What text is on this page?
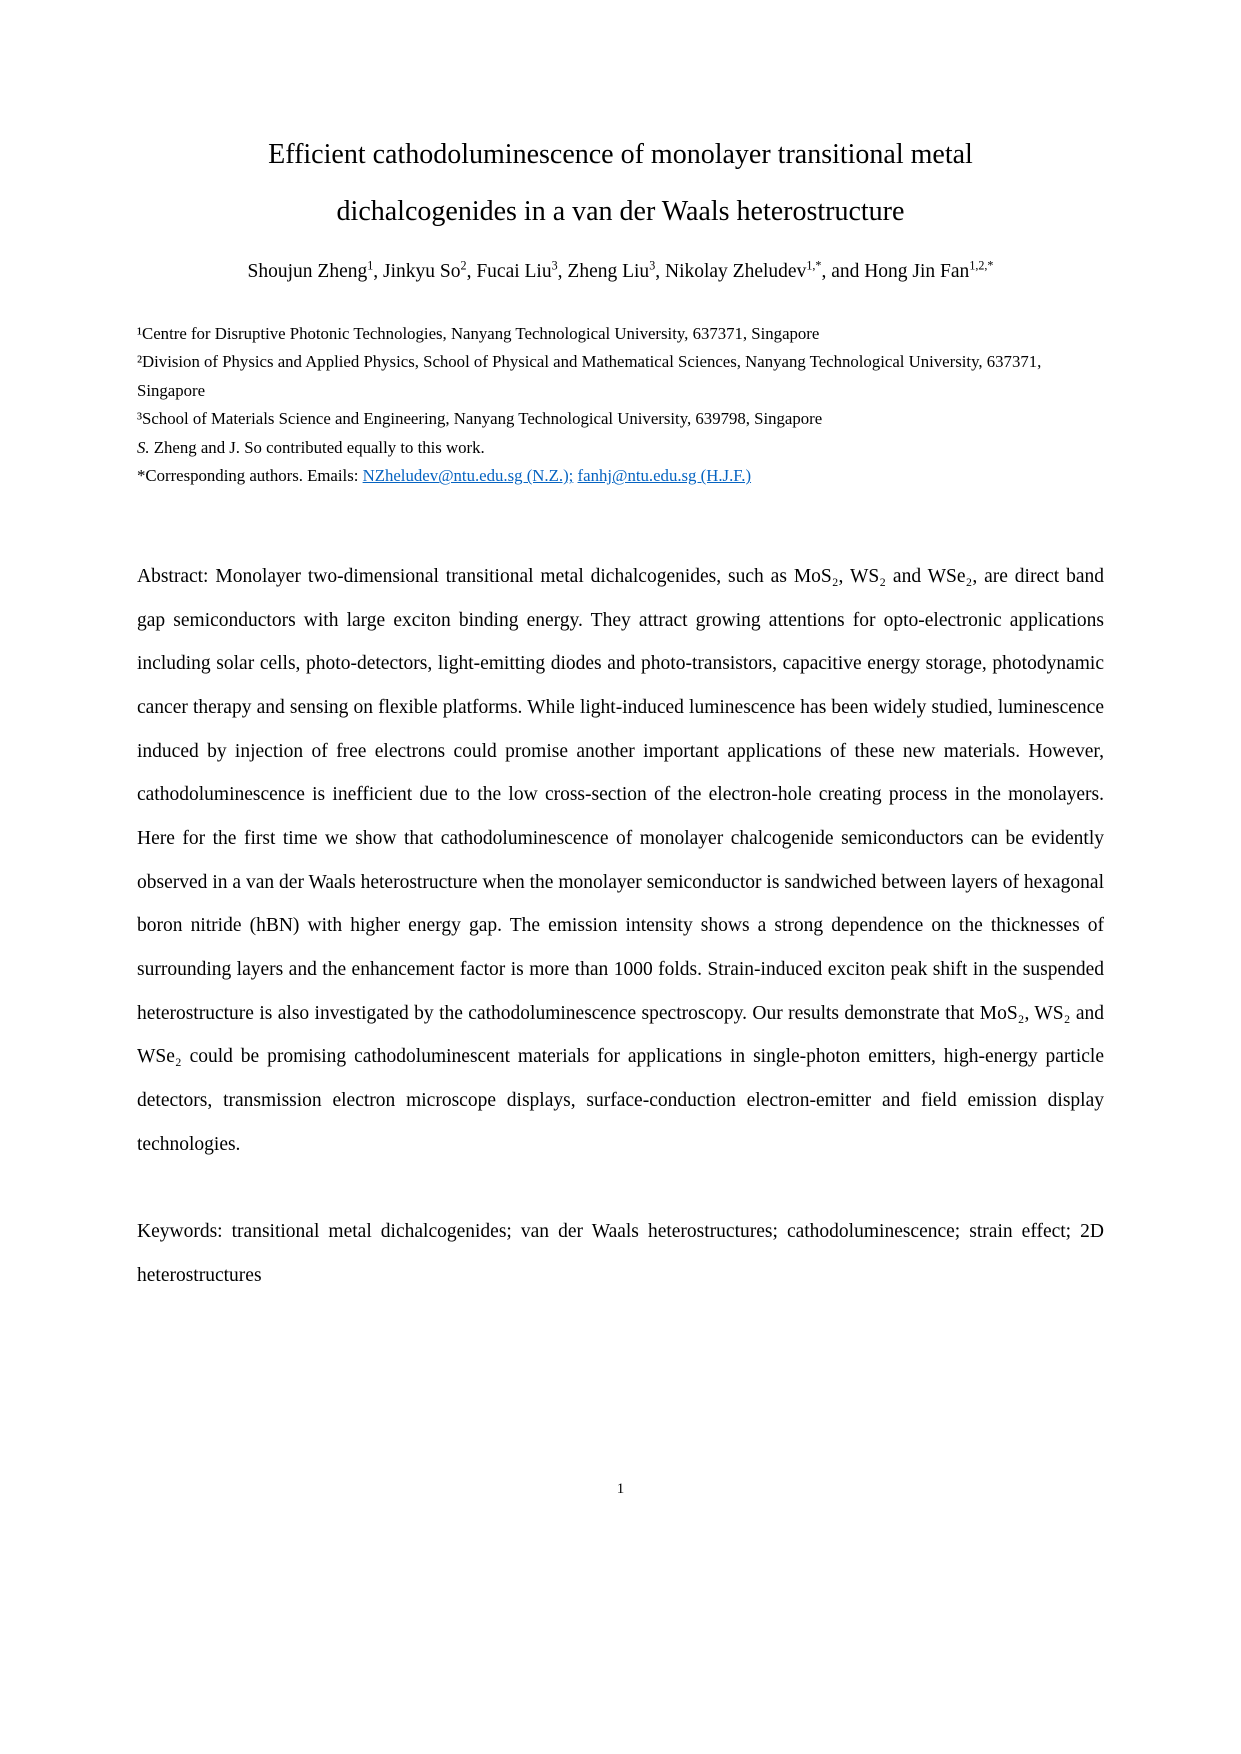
Efficient cathodoluminescence of monolayer transitional metal
dichalcogenides in a van der Waals heterostructure

Shoujun Zheng$^1$, Jinkyu So$^2$, Fucai Liu$^3$, Zheng Liu$^3$, Nikolay Zheludev$^{1,*}$, and Hong Jin Fan$^{1,2,*}$

¹Centre for Disruptive Photonic Technologies, Nanyang Technological University, 637371, Singapore

²Division of Physics and Applied Physics, School of Physical and Mathematical Sciences, Nanyang Technological University, 637371, Singapore

³School of Materials Science and Engineering, Nanyang Technological University, 639798, Singapore

S. Zheng and J. So contributed equally to this work.

*Corresponding authors. Emails: NZheludev@ntu.edu.sg (N.Z.); fanhj@ntu.edu.sg (H.J.F.)

Abstract: Monolayer two-dimensional transitional metal dichalcogenides, such as MoS₂, WS₂ and WSe₂, are direct band gap semiconductors with large exciton binding energy. They attract growing attentions for opto-electronic applications including solar cells, photo-detectors, light-emitting diodes and photo-transistors, capacitive energy storage, photodynamic cancer therapy and sensing on flexible platforms. While light-induced luminescence has been widely studied, luminescence induced by injection of free electrons could promise another important applications of these new materials. However, cathodoluminescence is inefficient due to the low cross-section of the electron-hole creating process in the monolayers. Here for the first time we show that cathodoluminescence of monolayer chalcogenide semiconductors can be evidently observed in a van der Waals heterostructure when the monolayer semiconductor is sandwiched between layers of hexagonal boron nitride (hBN) with higher energy gap. The emission intensity shows a strong dependence on the thicknesses of surrounding layers and the enhancement factor is more than 1000 folds. Strain-induced exciton peak shift in the suspended heterostructure is also investigated by the cathodoluminescence spectroscopy. Our results demonstrate that MoS₂, WS₂ and WSe₂ could be promising cathodoluminescent materials for applications in single-photon emitters, high-energy particle detectors, transmission electron microscope displays, surface-conduction electron-emitter and field emission display technologies.

Keywords: transitional metal dichalcogenides; van der Waals heterostructures; cathodoluminescence; strain effect; 2D heterostructures

1
